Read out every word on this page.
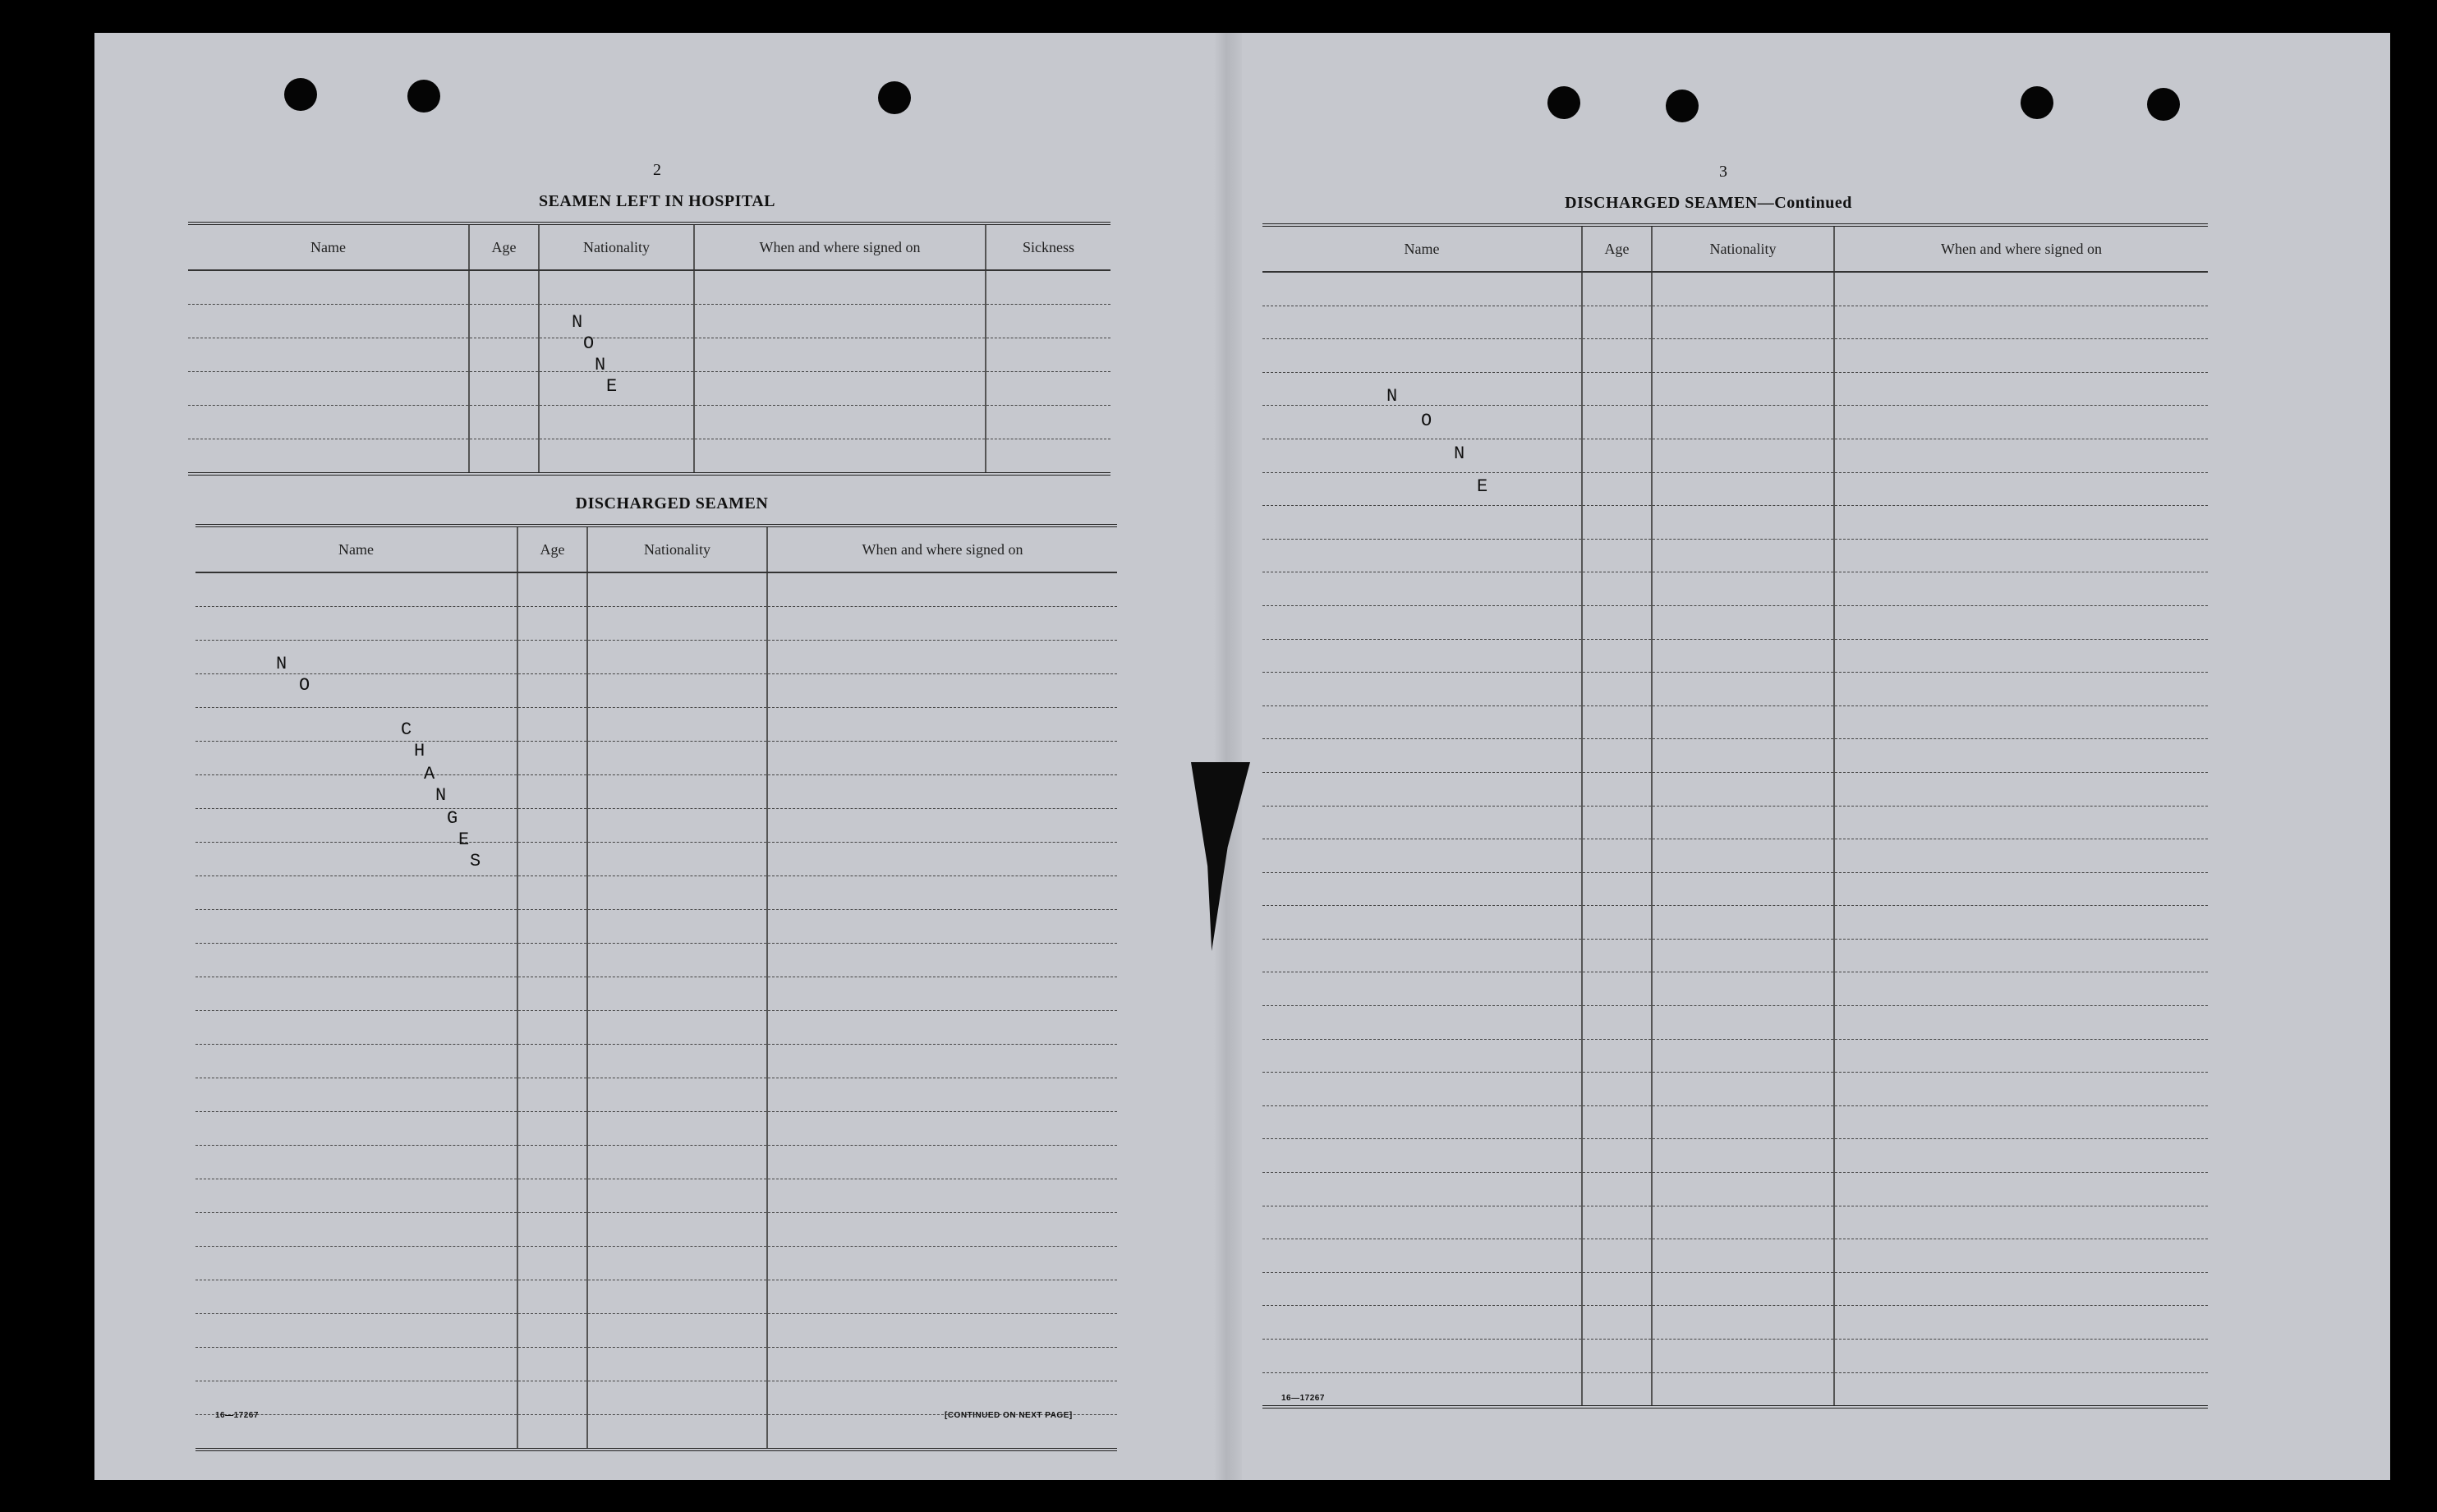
2
SEAMEN LEFT IN HOSPITAL
Name	Age	Nationality	When and where signed on	Sickness

N
O
N
E
DISCHARGED SEAMEN
Name	Age	Nationality	When and where signed on

N
O
C
H
A
N
G
E
S
16—17267	[CONTINUED ON NEXT PAGE]
3
DISCHARGED SEAMEN—Continued
Name	Age	Nationality	When and where signed on

N
O
N
E
16—17267
